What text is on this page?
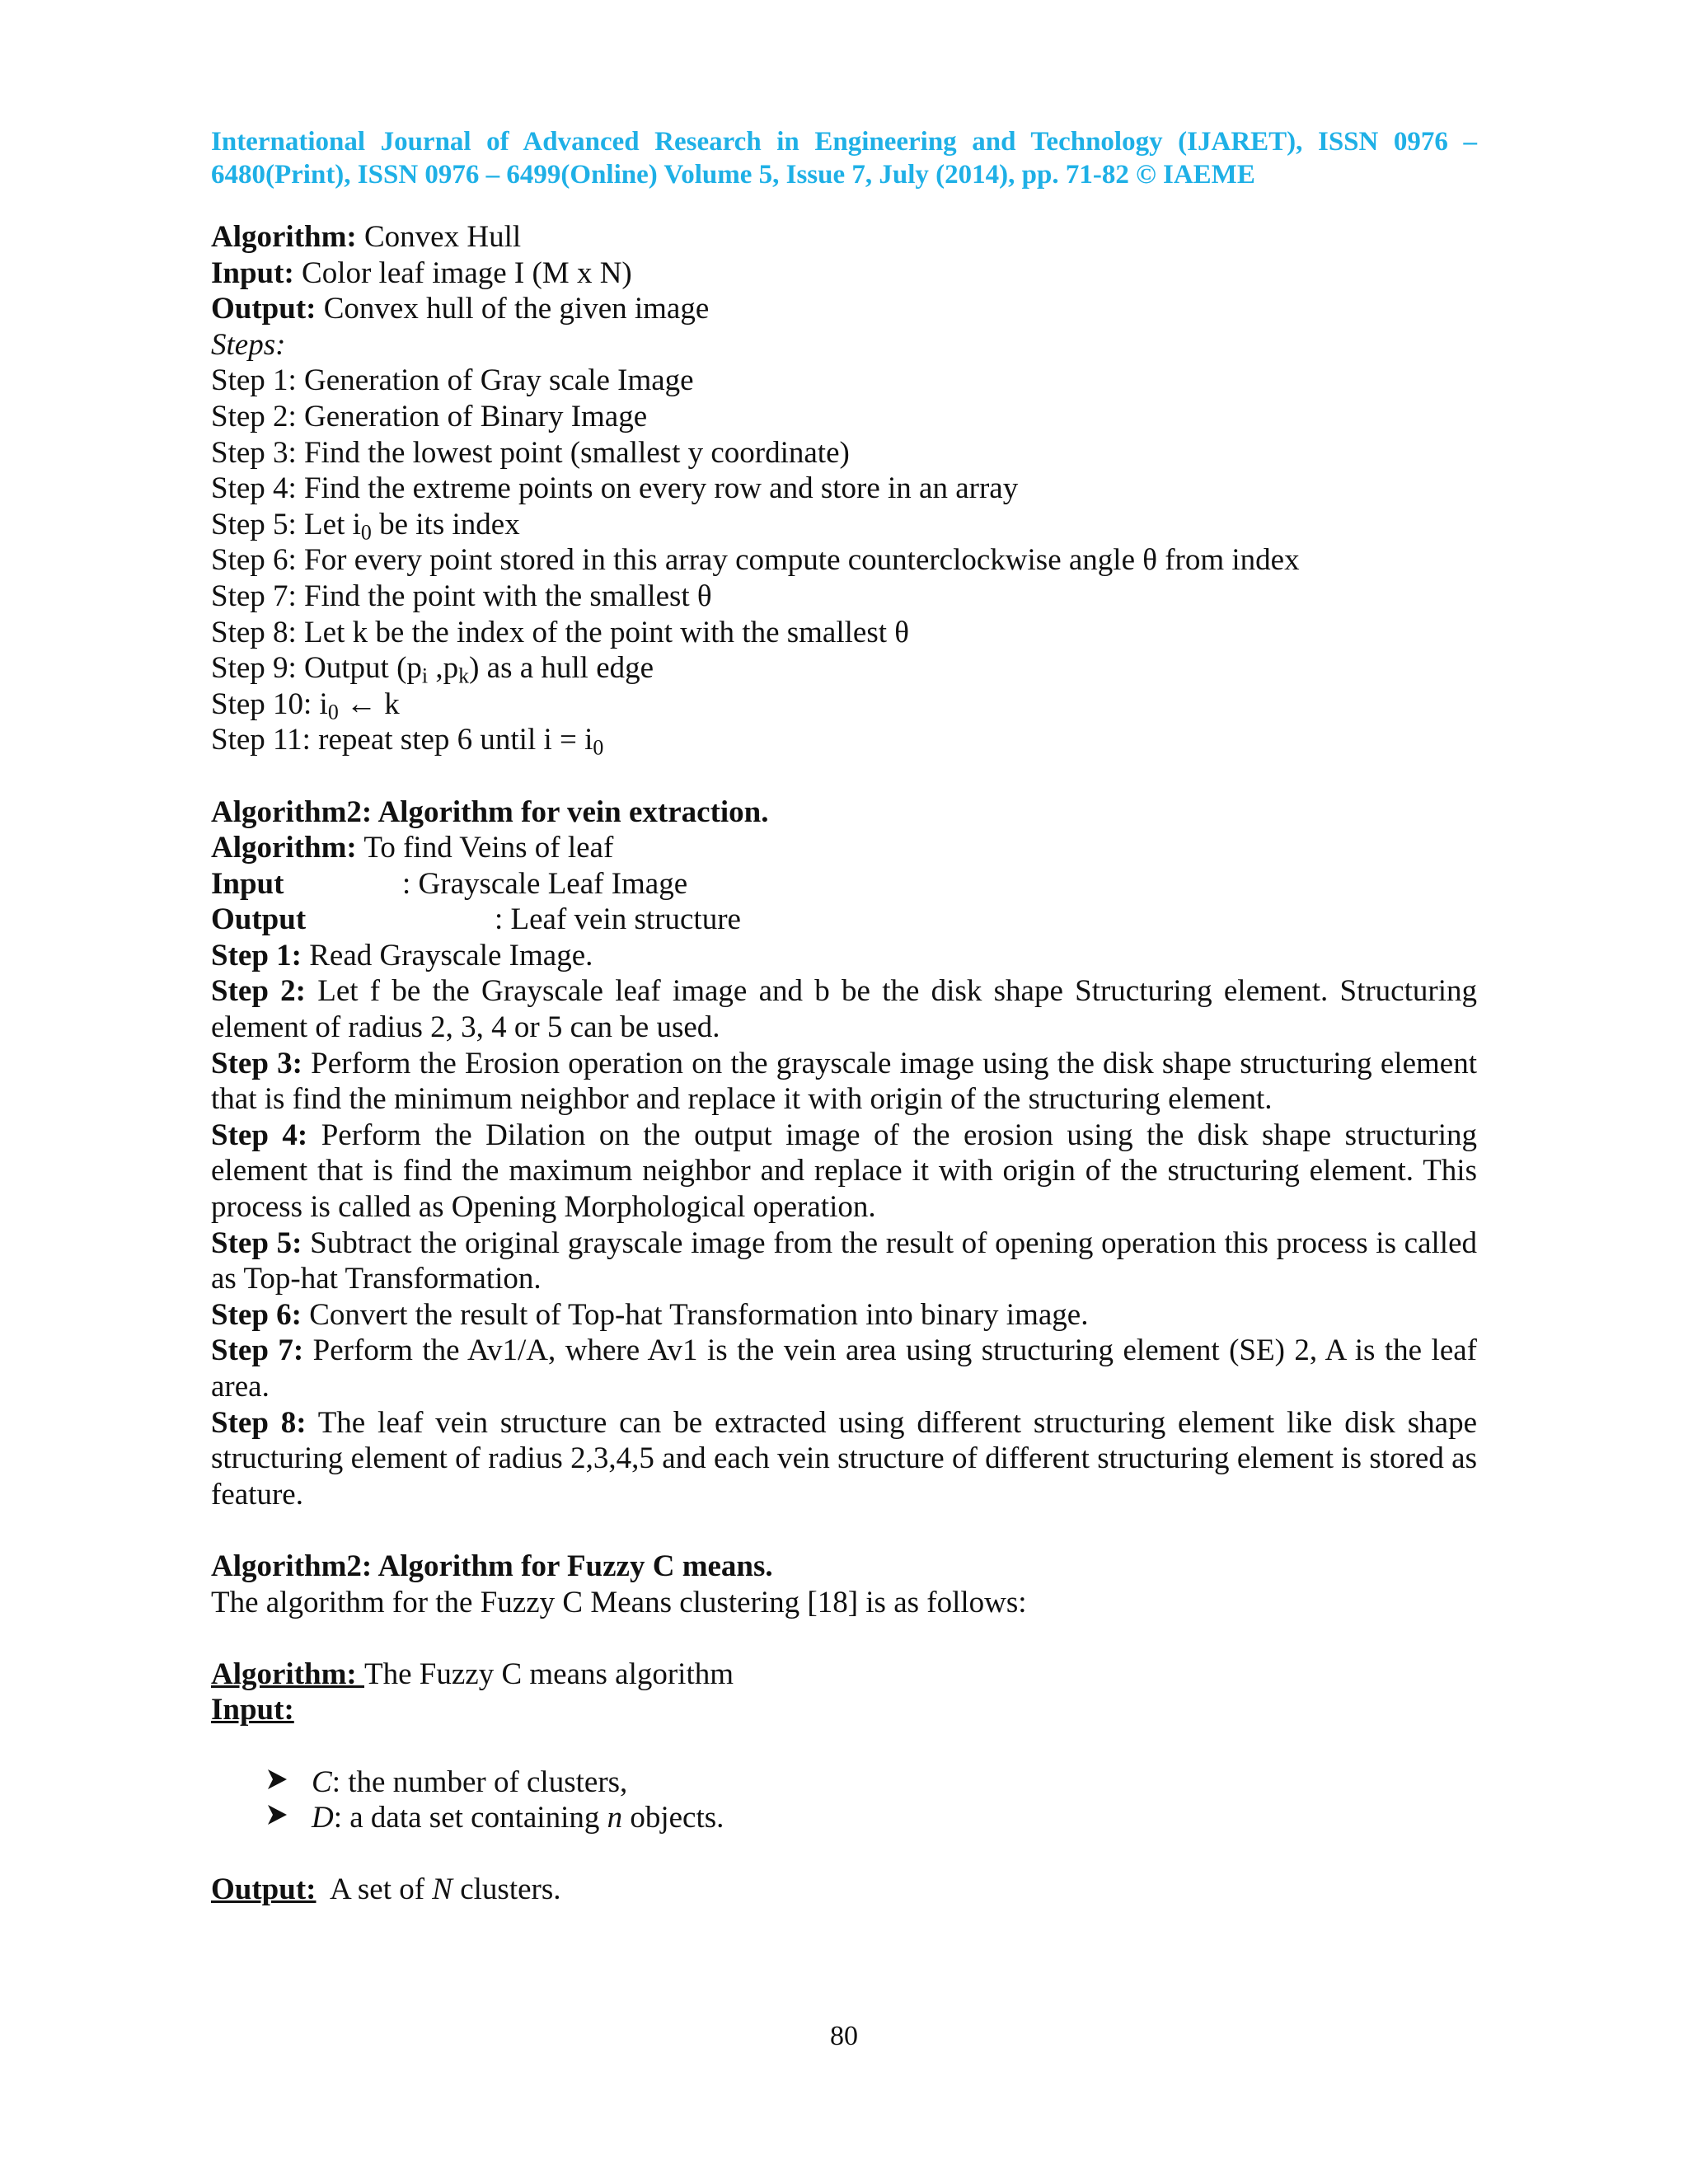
International Journal of Advanced Research in Engineering and Technology (IJARET), ISSN 0976 – 6480(Print), ISSN 0976 – 6499(Online) Volume 5, Issue 7, July (2014), pp. 71-82 © IAEME
Algorithm: Convex Hull
Input: Color leaf image I (M x N)
Output: Convex hull of the given image
Steps:
Step 1: Generation of Gray scale Image
Step 2: Generation of Binary Image
Step 3: Find the lowest point (smallest y coordinate)
Step 4: Find the extreme points on every row and store in an array
Step 5: Let $i_0$ be its index
Step 6: For every point stored in this array compute counterclockwise angle θ from index
Step 7: Find the point with the smallest θ
Step 8: Let k be the index of the point with the smallest θ
Step 9: Output ($p_i$ $,p_k$) as a hull edge
Step 10: $i_0$ ← k
Step 11: repeat step 6 until $i = i_0$
Algorithm2: Algorithm for vein extraction.
Algorithm: To find Veins of leaf
Input	: Grayscale Leaf Image
Output	: Leaf vein structure
Step 1: Read Grayscale Image.
Step 2: Let f be the Grayscale leaf image and b be the disk shape Structuring element. Structuring element of radius 2, 3, 4 or 5 can be used.
Step 3: Perform the Erosion operation on the grayscale image using the disk shape structuring element that is find the minimum neighbor and replace it with origin of the structuring element.
Step 4: Perform the Dilation on the output image of the erosion using the disk shape structuring element that is find the maximum neighbor and replace it with origin of the structuring element. This process is called as Opening Morphological operation.
Step 5: Subtract the original grayscale image from the result of opening operation this process is called as Top-hat Transformation.
Step 6: Convert the result of Top-hat Transformation into binary image.
Step 7: Perform the Av1/A, where Av1 is the vein area using structuring element (SE) 2, A is the leaf area.
Step 8: The leaf vein structure can be extracted using different structuring element like disk shape structuring element of radius 2,3,4,5 and each vein structure of different structuring element is stored as feature.
Algorithm2: Algorithm for Fuzzy C means.
The algorithm for the Fuzzy C Means clustering [18] is as follows:
Algorithm: The Fuzzy C means algorithm
Input:
C: the number of clusters,
D: a data set containing n objects.
Output:  A set of N clusters.
80
